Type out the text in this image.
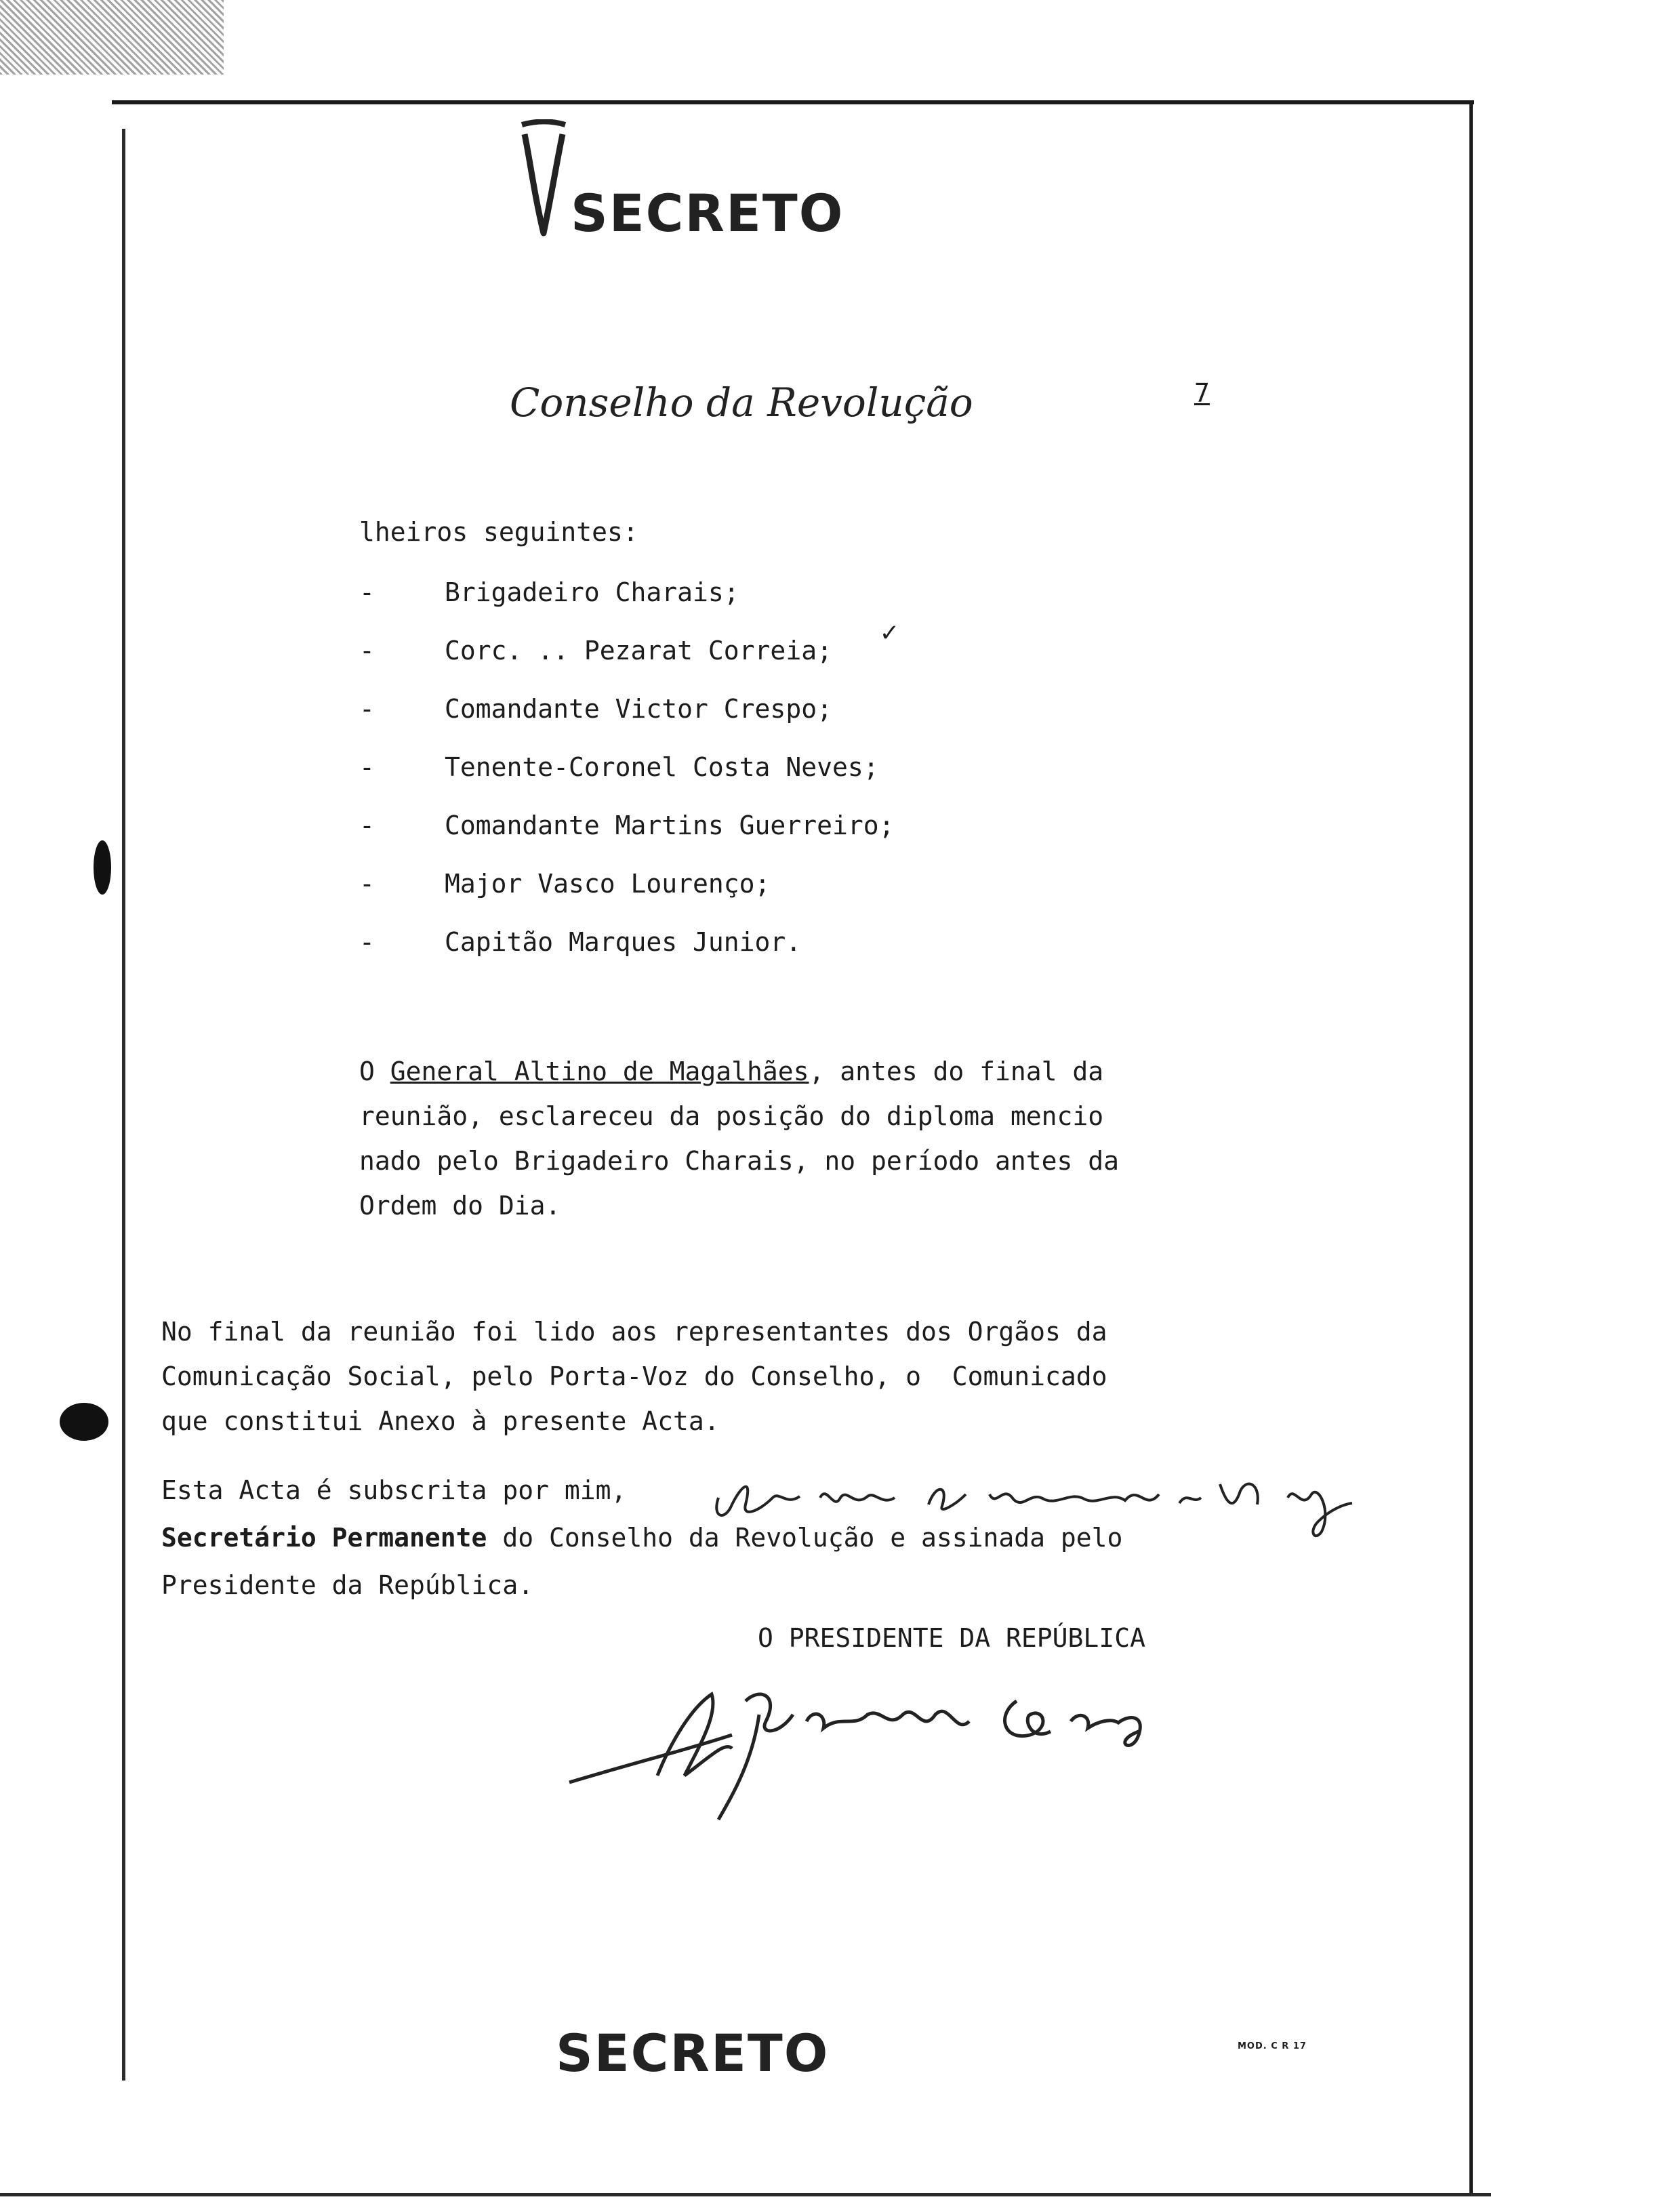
SECRETO
Conselho da Revolução	7
lheiros seguintes:
-	Brigadeiro Charais;
-	Corc. .. Pezarat Correia;
✓
-	Comandante Victor Crespo;
-	Tenente-Coronel Costa Neves;
-	Comandante Martins Guerreiro;
-	Major Vasco Lourenço;
-	Capitão Marques Junior.
O General Altino de Magalhães, antes do final da
reunião, esclareceu da posição do diploma mencio
nado pelo Brigadeiro Charais, no período antes da
Ordem do Dia.
No final da reunião foi lido aos representantes dos Orgãos da
Comunicação Social, pelo Porta-Voz do Conselho, o  Comunicado
que constitui Anexo à presente Acta.
Esta Acta é subscrita por mim,
Secretário Permanente do Conselho da Revolução e assinada pelo
Presidente da República.
O PRESIDENTE DA REPÚBLICA
SECRETO	MOD. C R 17
